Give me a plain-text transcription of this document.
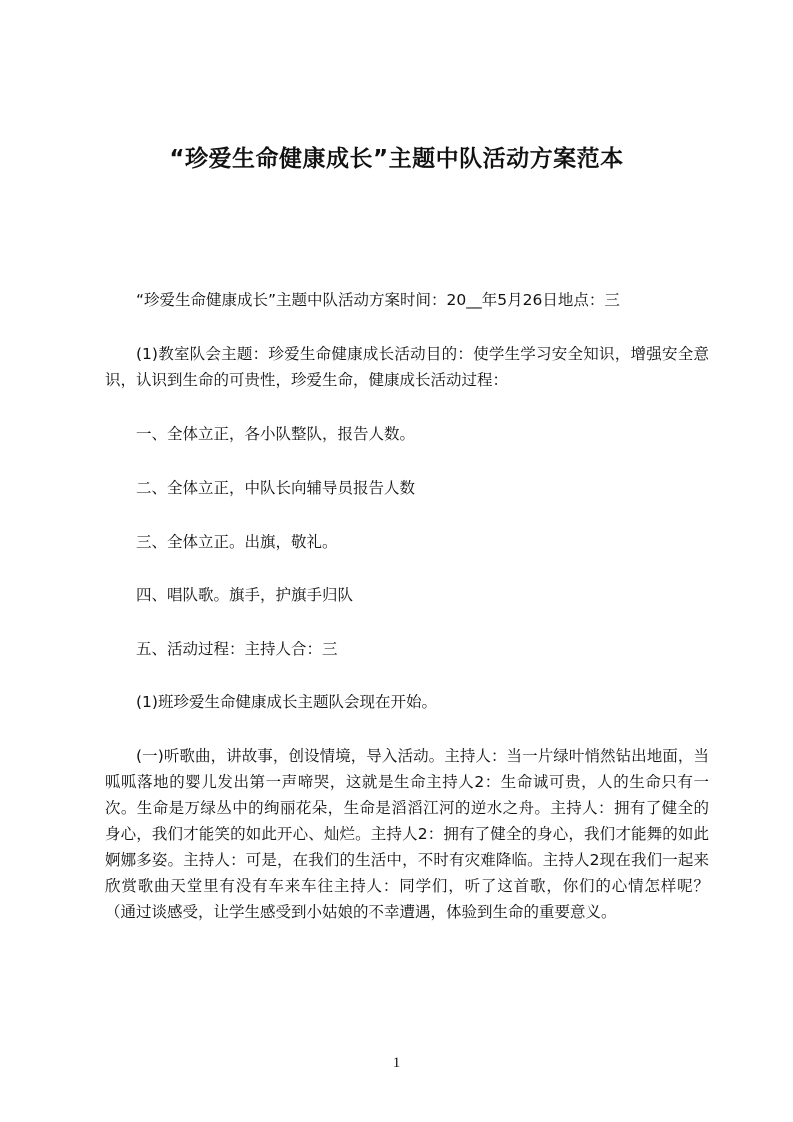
“珍爱生命健康成长”主题中队活动方案范本

“珍爱生命健康成长”主题中队活动方案时间：20__年5月26日地点：三

(1)教室队会主题：珍爱生命健康成长活动目的：使学生学习安全知识，增强安全意识，认识到生命的可贵性，珍爱生命，健康成长活动过程：

一、全体立正，各小队整队，报告人数。

二、全体立正，中队长向辅导员报告人数

三、全体立正。出旗，敬礼。

四、唱队歌。旗手，护旗手归队

五、活动过程：主持人合：三

(1)班珍爱生命健康成长主题队会现在开始。

(一)听歌曲，讲故事，创设情境，导入活动。主持人：当一片绿叶悄然钻出地面，当呱呱落地的婴儿发出第一声啼哭，这就是生命主持人2：生命诚可贵，人的生命只有一次。生命是万绿丛中的绚丽花朵，生命是滔滔江河的逆水之舟。主持人：拥有了健全的身心，我们才能笑的如此开心、灿烂。主持人2：拥有了健全的身心，我们才能舞的如此婀娜多姿。主持人：可是，在我们的生活中，不时有灾难降临。主持人2现在我们一起来欣赏歌曲天堂里有没有车来车往主持人：同学们，听了这首歌，你们的心情怎样呢？（通过谈感受，让学生感受到小姑娘的不幸遭遇，体验到生命的重要意义。

1
